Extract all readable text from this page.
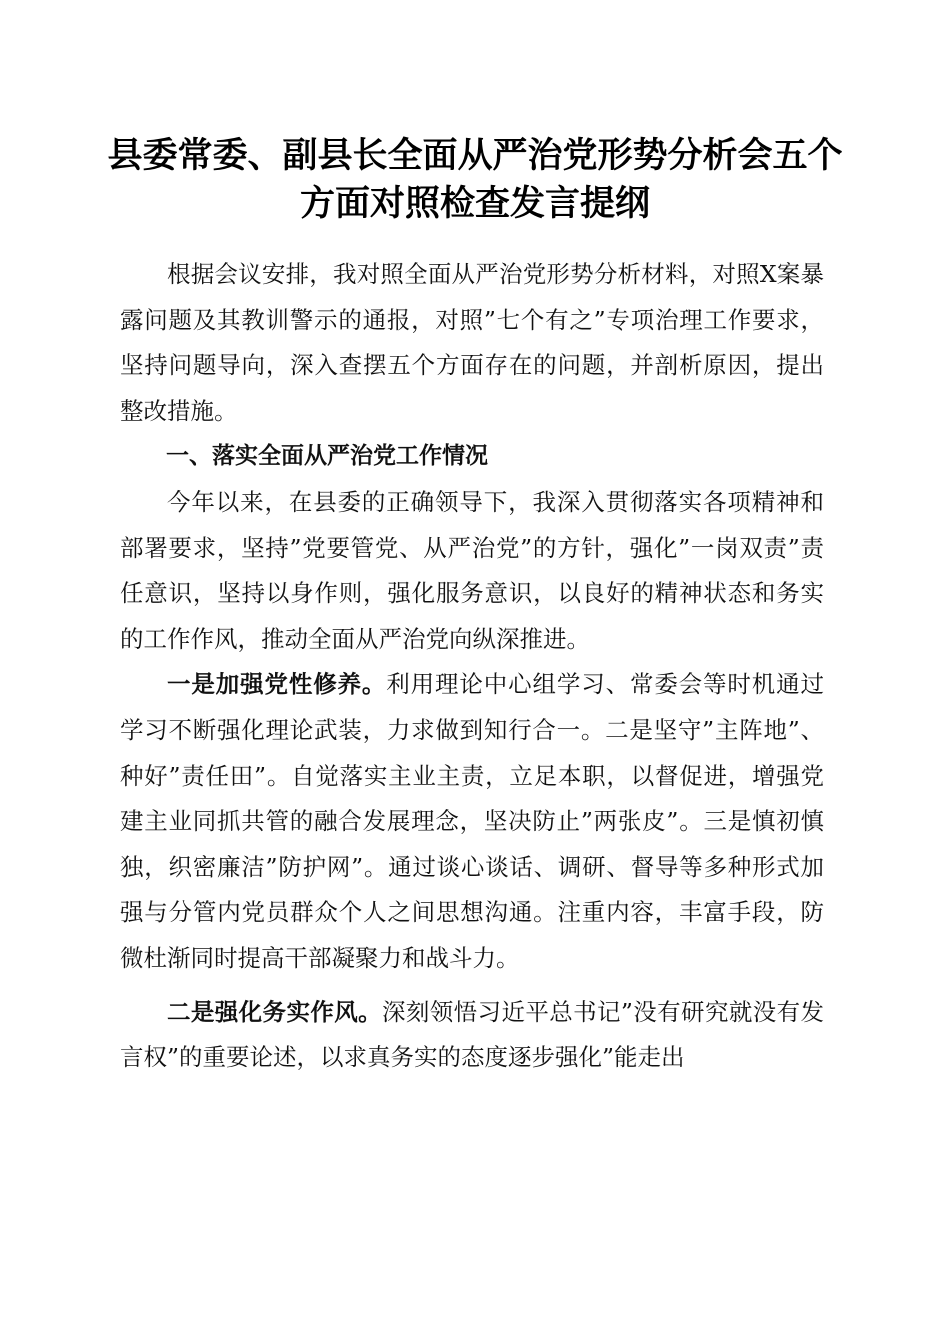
县委常委、副县长全面从严治党形势分析会五个方面对照检查发言提纲

根据会议安排，我对照全面从严治党形势分析材料，对照X案暴露问题及其教训警示的通报，对照”七个有之”专项治理工作要求，坚持问题导向，深入查摆五个方面存在的问题，并剖析原因，提出整改措施。

一、落实全面从严治党工作情况

今年以来，在县委的正确领导下，我深入贯彻落实各项精神和部署要求，坚持”党要管党、从严治党”的方针，强化”一岗双责”责任意识，坚持以身作则，强化服务意识，以良好的精神状态和务实的工作作风，推动全面从严治党向纵深推进。

一是加强党性修养。利用理论中心组学习、常委会等时机通过学习不断强化理论武装，力求做到知行合一。二是坚守”主阵地”、种好”责任田”。自觉落实主业主责，立足本职，以督促进，增强党建主业同抓共管的融合发展理念，坚决防止”两张皮”。三是慎初慎独，织密廉洁”防护网”。通过谈心谈话、调研、督导等多种形式加强与分管内党员群众个人之间思想沟通。注重内容，丰富手段，防微杜渐同时提高干部凝聚力和战斗力。

二是强化务实作风。深刻领悟习近平总书记”没有研究就没有发言权”的重要论述，以求真务实的态度逐步强化”能走出
